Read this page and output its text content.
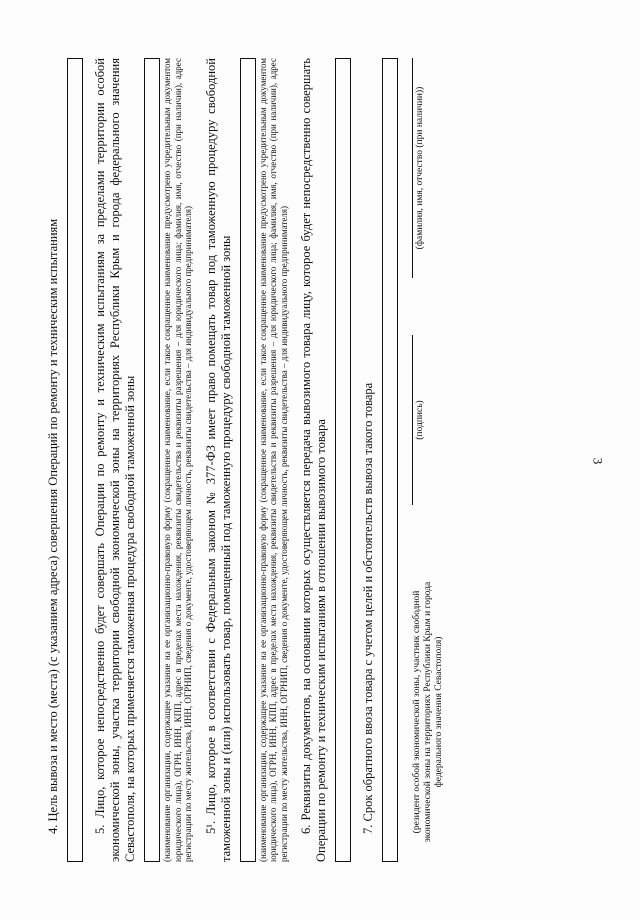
3

4. Цель вывоза и место (места) (с указанием адреса) совершения Операций по ремонту и техническим испытаниям	5. Лицо, которое непосредственно будет совершать Операции по ремонту и техническим испытаниям за пределами территории особой экономической зоны, участка территории свободной экономической зоны на территориях Республики Крым и города федерального значения Севастополя, на которых применяется таможенная процедура свободной таможенной зоны	(наименование организации, содержащее указание на ее организационно-правовую форму (сокращенное наименование, если такое сокращенное наименование предусмотрено учредительным документом юридического лица), ОГРН, ИНН, КПП, адрес в пределах места нахождения, реквизиты свидетельства и реквизиты разрешения – для юридического лица; фамилия, имя, отчество (при наличии), адрес регистрации по месту жительства, ИНН, ОГРНИП, сведения о документе, удостоверяющем личность, реквизиты свидетельства – для индивидуального предпринимателя) 5¹. Лицо, которое в соответствии с Федеральным законом № 377-ФЗ имеет право помещать товар под таможенную процедуру свободной таможенной зоны и (или) использовать товар, помещенный под таможенную процедуру свободной таможенной зоны	(наименование организации, содержащее указание на ее организационно-правовую форму (сокращенное наименование, если такое сокращенное наименование предусмотрено учредительным документом юридического лица), ОГРН, ИНН, КПП, адрес в пределах места нахождения, реквизиты свидетельства и реквизиты разрешения – для юридического лица; фамилия, имя, отчество (при наличии), адрес регистрации по месту жительства, ИНН, ОГРНИП, сведения о документе, удостоверяющем личность, реквизиты свидетельства – для индивидуального предпринимателя) 6. Реквизиты документов, на основании которых осуществляется передача вывозимого товара лицу, которое будет непосредственно совершать Операции по ремонту и техническим испытаниям в отношении вывозимого товара	7. Срок обратного ввоза товара с учетом целей и обстоятельств вывоза такого товара	(резидент особой экономической зоны, участник свободной экономической зоны на территориях Республики Крым и города федерального значения Севастополя)
(подпись)
(фамилия, имя, отчество (при наличии))
